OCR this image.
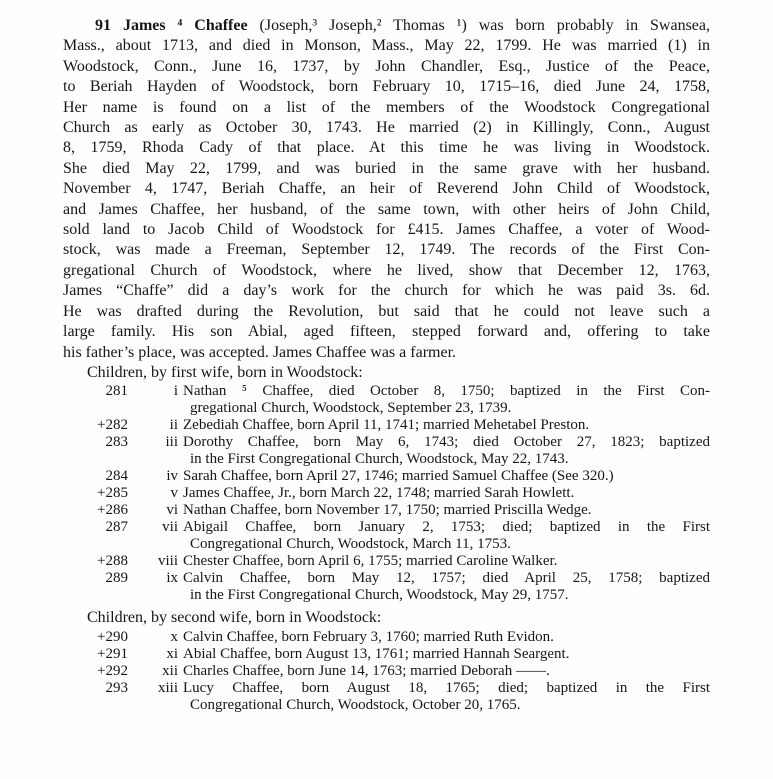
91 James ⁴ Chaffee (Joseph,³ Joseph,² Thomas ¹) was born probably in Swansea,
Mass., about 1713, and died in Monson, Mass., May 22, 1799. He was married (1) in
Woodstock, Conn., June 16, 1737, by John Chandler, Esq., Justice of the Peace,
to Beriah Hayden of Woodstock, born February 10, 1715–16, died June 24, 1758,
Her name is found on a list of the members of the Woodstock Congregational
Church as early as October 30, 1743. He married (2) in Killingly, Conn., August
8, 1759, Rhoda Cady of that place. At this time he was living in Woodstock.
She died May 22, 1799, and was buried in the same grave with her husband.
November 4, 1747, Beriah Chaffe, an heir of Reverend John Child of Woodstock,
and James Chaffee, her husband, of the same town, with other heirs of John Child,
sold land to Jacob Child of Woodstock for £415. James Chaffee, a voter of Wood-
stock, was made a Freeman, September 12, 1749. The records of the First Con-
gregational Church of Woodstock, where he lived, show that December 12, 1763,
James “Chaffe” did a day’s work for the church for which he was paid 3s. 6d.
He was drafted during the Revolution, but said that he could not leave such a
large family. His son Abial, aged fifteen, stepped forward and, offering to take
his father’s place, was accepted. James Chaffee was a farmer.
Children, by first wife, born in Woodstock:
281	i Nathan ⁵ Chaffee, died October 8, 1750; baptized in the First Con-
gregational Church, Woodstock, September 23, 1739.
+282	ii Zebediah Chaffee, born April 11, 1741; married Mehetabel Preston.
283	iii Dorothy Chaffee, born May 6, 1743; died October 27, 1823; baptized
in the First Congregational Church, Woodstock, May 22, 1743.
284	iv Sarah Chaffee, born April 27, 1746; married Samuel Chaffee (See 320.)
+285	v James Chaffee, Jr., born March 22, 1748; married Sarah Howlett.
+286	vi Nathan Chaffee, born November 17, 1750; married Priscilla Wedge.
287	vii Abigail Chaffee, born January 2, 1753; died; baptized in the First
Congregational Church, Woodstock, March 11, 1753.
+288	viii Chester Chaffee, born April 6, 1755; married Caroline Walker.
289	ix Calvin Chaffee, born May 12, 1757; died April 25, 1758; baptized
in the First Congregational Church, Woodstock, May 29, 1757.
Children, by second wife, born in Woodstock:
+290	x Calvin Chaffee, born February 3, 1760; married Ruth Evidon.
+291	xi Abial Chaffee, born August 13, 1761; married Hannah Seargent.
+292	xii Charles Chaffee, born June 14, 1763; married Deborah ——.
293	xiii Lucy Chaffee, born August 18, 1765; died; baptized in the First
Congregational Church, Woodstock, October 20, 1765.
